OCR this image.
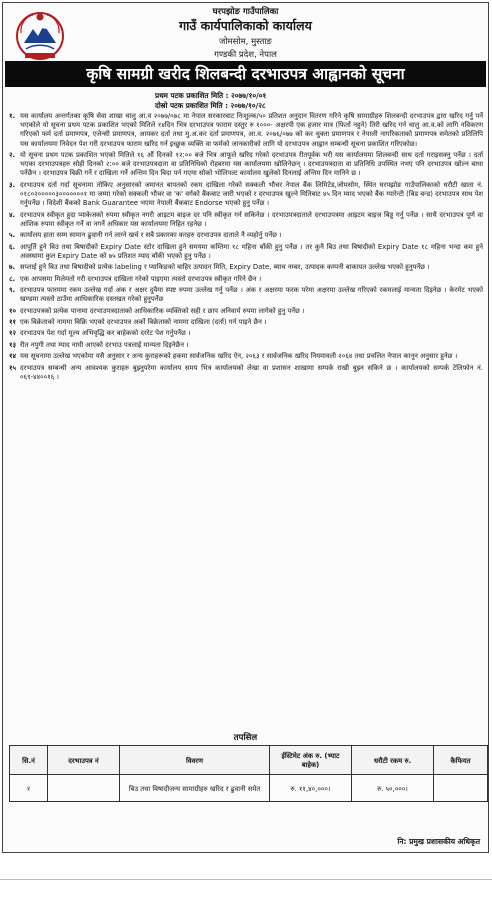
घरपझोङ गाउँपालिका
गाउँ कार्यपालिकाको कार्यालय
जोमसोम, मुस्ताङ
गण्डकी प्रदेश, नेपाल
कृषि सामग्री खरीद शिलबन्दी दरभाउपत्र आह्वानको सूचना
प्रथम पटक प्रकाशित मिति : २०७७/१०/०१
दोस्रो पटक प्रकाशित मिति : २०७७/१०/२८
१. यस कार्यालय अन्तर्गतका कृषि सेवा शाखा चालु आ.व २०७७/०७८ मा नेपाल सरकारबाट निःशुल्क/५० प्रतिशत अनुदान वितरण गरिने कृषि सामाग्रीहरु शिलबन्दी दरभाउपत्र द्वारा खरिद गर्नु पर्ने भएकोले यो सूचना प्रथम पटक प्रकाशित भएको मितिले १४दिन भित्र दरभाउपत्र फाराम दस्तुर रु १०००- अक्षरपी एक हजार मात्र (फिर्ता नहुने) तिरी खरिद गर्न चालु आ.व.को लागि नविकरण गरिएको फर्म दर्ता प्रमाणपत्र, एजेन्सी प्रमाणपत्र, आयकर दर्ता तथा मु.अ.कर दर्ता प्रमाणपत्र, आ.व. २०७६/०७७ को कर चुक्ता प्रमाणपत्र र नेपाली नागरिकताको प्रमाणपत्र समेतको प्रतिलिपि यस कार्यालयमा निवेदन पेश गरी दरभाउपत्र फाराम खरिद गर्न इच्छुक व्यक्ति वा फर्मको जानकारीको लागि यो दरभाउपत्र आह्वान सम्बन्धी सूचना प्रकाशित गरिएकोछ।
२. यो सूचना प्रथम पटक प्रकाशित भएको मितिले १६ औं दिनको १२:०० बजे भित्र आफूले खरिद गरेको दरभाउपत्र रीतपूर्वक भरी यस कार्यालयमा शिलबन्दी साथ दर्ता गराइसक्नु पर्नेछ । दर्ता भएका दरभाउपत्रहरु सोही दिनको २:०० बजे दरभाउपत्रदाता वा प्रतिनिधिको रोहबरमा यस कार्यालयमा खोलिनेछन् । दरभाउपत्रदाता वा प्रतिनिधि उपस्थित नभए पनि दरभाउपत्र खोल्न बाधा पर्नेछैन । दरभाउपत्र बिक्री गर्ने र दाखिला गर्ने अन्तिम दिन बिदा पर्न गएमा सोको भोलिपल्ट कार्यालय खुलेको दिनलाई अन्तिम दिन मानिने छ ।
३. दरभाउपत्र दर्ता गर्दा सूचनामा तोकिए अनुसारको जमानत बापतको रकम दाखिला गरेको सक्कली भौचर नेपाल बैंक लिमिटेड,जोमसोम, स्थित घरपझोङ गाउँपालिकाको धरौटी खाता नं. ०१८०२०००००३०००००००१ मा जम्मा गरेको सक्कली भौचर वा 'क' वर्गको बैंकबाट जारी भएको र दरभाउपत्र खुल्ने मितिबाट ४५ दिन म्याद भएको बैंक ग्यारेन्टी (बिड बन्ड) दरभाउपत्र साथ पेश गर्नुपर्नेछ । विदेशी बैंकको Bank Guarantee भएमा नेपाली बैंकबाट Endorse भएको हुनु पर्नेछ ।
४. दरभाउपत्र स्वीकृत हुदा प्याकेजको रुपमा स्वीकृत नगरी आइटम बाइज दर पनि स्वीकृत गर्न सकिनेछ । दरभाउपत्रदाताले दरभाउपत्रमा आइटम बाइज बिड्ड गर्नु पर्नेछ । साथै दरभाउपत्र पूर्ण वा आंशिक रुपमा स्वीकृत गर्ने वा नगर्ने अधिकार यस कार्यालयमा निहित रहनेछ ।
५. कार्यालय हाता सम्म सामान ढुवानी गर्न लाग्ने खर्च र सबै प्रकारका करहरु दरभाउपत्र दाताले नै व्यहोर्नु पर्नेछ ।
६. आपूर्ति हुने बिउ तथा बिषादीको Expiry Date स्टोर दाखिला हुने समयमा कम्तिमा १८ महिना बाँकी हुनु पर्नेछ । तर कुनै बिउ तथा बिषादीको Expiry Date १८ महिना भन्दा कम हुने अवस्थामा कुल Expiry Date को ७५ प्रतिशत म्याद बाँकी भएको हुनु पर्नेछ ।
७. सप्लाई हुने बिउ तथा बिषादीको प्रत्येक labeling र प्याकिङको बाहिर उत्पादन मिति, Expiry Date, ब्याच नम्बर, उत्पादक कम्पनी बाकायत उल्लेख भएको हुनुपर्नेछ ।
८. एक आपसमा मिलेमतो गरी दरभाउपत्र दाखिला गरेको पाइएमा त्यस्तो दरभाउपत्र स्वीकृत गरिने छैन ।
९. दरभाउपत्र फारममा रकम उल्लेख गर्दा अंक र अक्षर दुवैमा स्पष्ट रुपमा उल्लेख गर्नु पर्नेछ । अंक र अक्षरमा फरक परेमा अक्षरमा उल्लेख गरिएको रकमलाई मान्यता दिइनेछ । केरमेट भएको खण्डमा त्यस्तो ठाउँमा आधिकारिक दस्तखत गरेको हुनुपर्नेछ
१० दरभाउपत्रको प्रत्येक पानामा दरभाउपत्रदाताको आधिकारिक व्यक्तिको सही र छाप अनिवार्य रुपमा लागेको हुनु पर्नेछ ।
११ एक बिक्रेताको नाममा बिक्रि भएको दरभाउपत्र अर्को बिक्रेताको नाममा दाखिला (दर्ता) गर्न पाइने छैन ।
१२ दरभाउपत्र पेश गर्दा मूल्य अभिवृद्धि कर बाहेकको दररेट पेश गर्नुपर्नेछ ।
१३ रीत नपुगी तथा म्याद नाघी आएको दरभाउ पत्रलाई मान्यता दिइनेछैन ।
१४ यस सूचनामा उल्लेख भएकोमा यसै अनुसार र अन्य कुराहरूको हकमा सार्वजनिक खरिद ऐन, २०६३ र सार्वजनिक खरिद नियमावली २०६४ तथा प्रचलित नेपाल कानून अनुसार हुनेछ ।
१५ दरभाउपत्र सम्बन्धी अन्य आवश्यक कुराहरु बुझ्नुपरेमा कार्यालय समय भित्र कार्यालयको लेखा वा प्रशासन शाखामा सम्पर्क राखी बुझ्न सकिने छ । कार्यालयको सम्पर्क टेलिफोन नं. ०६९-४४००१६ ।
तपसिल
सि.नं	दरभाउपत्र नं	विवरण	ईस्टिमेट अंक रु. (भ्याट बाहेक)	धरौटी रकम रु.	कैफियत
१		बिउ तथा बिषादीजन्य सामाग्रीहरु खरिद र ढुवानी समेत	रु. ११,४०,०००।	रु. ५०,०००।	
नि: प्रमुख प्रशासकीय अधिकृत
